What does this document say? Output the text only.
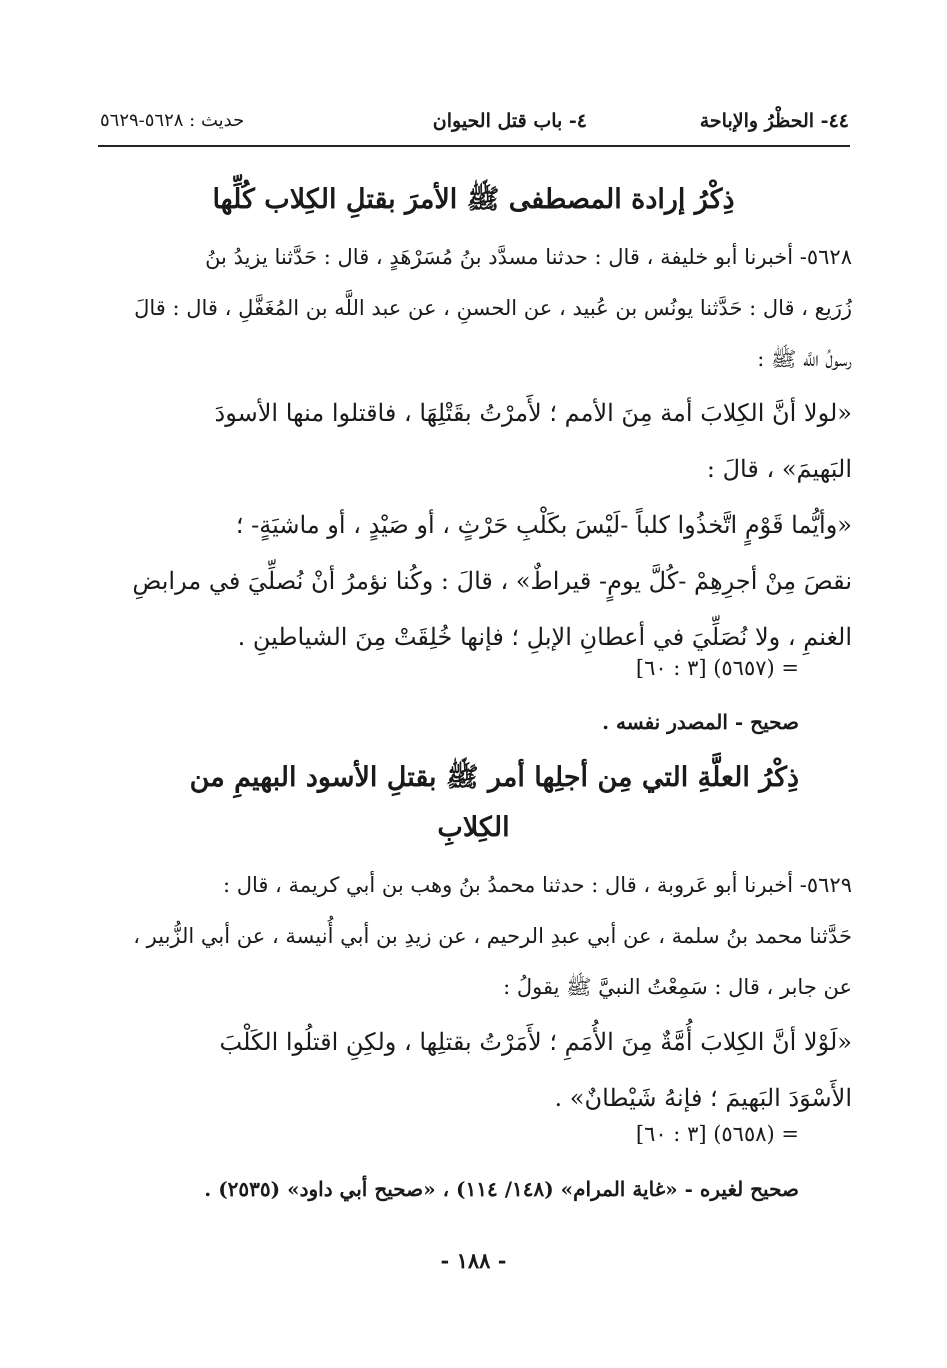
٤٤- الحظْرُ والإباحة
٤- باب قتل الحيوان
حديث : ٥٦٢٨-٥٦٢٩
ذِكْرُ إرادة المصطفى ﷺ الأمرَ بقتلِ الكِلاب كُلِّها
٥٦٢٨- أخبرنا أبو خليفة ، قال : حدثنا مسدَّد بنُ مُسَرْهَدٍ ، قال : حَدَّثنا يزيدُ بنُ
زُرَيع ، قال : حَدَّثنا يونُس بن عُبيد ، عن الحسنِ ، عن عبد اللَّه بن المُغَفَّلِ ، قال : قالَ
رسولُ اللَّه ﷺ :
«لولا أنَّ الكِلابَ أمة مِنَ الأمم ؛ لأَمرْتُ بقَتْلِهَا ، فاقتلوا منها الأسودَ
البَهيمَ» ، قالَ :
«وأيُّما قَوْمٍ اتَّخذُوا كلباً -لَيْسَ بكَلْبِ حَرْثٍ ، أو صَيْدٍ ، أو ماشيَةٍ- ؛
نقصَ مِنْ أجرِهِمْ -كُلَّ يومٍ- قيراطٌ» ، قالَ : وكُنا نؤمرُ أنْ نُصلِّيَ في مرابضِ
الغنمِ ، ولا نُصَلِّيَ في أعطانِ الإبلِ ؛ فإنها خُلِقَتْ مِنَ الشياطينِ .
= (٥٦٥٧) [٣ : ٦٠]
صحيح - المصدر نفسه .
ذِكْرُ العلَّةِ التي مِن أجلِها أمر ﷺ بقتلِ الأسود البهيمِ من
الكِلابِ
٥٦٢٩- أخبرنا أبو عَروبة ، قال : حدثنا محمدُ بنُ وهب بن أبي كريمة ، قال :
حَدَّثنا محمد بنُ سلمة ، عن أبي عبدِ الرحيم ، عن زيدِ بن أبي أُنيسة ، عن أبي الزُّبير ،
عن جابر ، قال : سَمِعْتُ النبيَّ ﷺ يقولُ :
«لَوْلا أنَّ الكِلابَ أُمَّةٌ مِنَ الأُمَمِ ؛ لأَمَرْتُ بقتلِها ، ولكِنِ اقتلُوا الكَلْبَ
الأَسْوَدَ البَهيمَ ؛ فإنهُ شَيْطانٌ» .
= (٥٦٥٨) [٣ : ٦٠]
صحيح لغيره - «غاية المرام» (١٤٨/ ١١٤) ، «صحيح أبي داود» (٢٥٣٥) .
- ١٨٨ -
